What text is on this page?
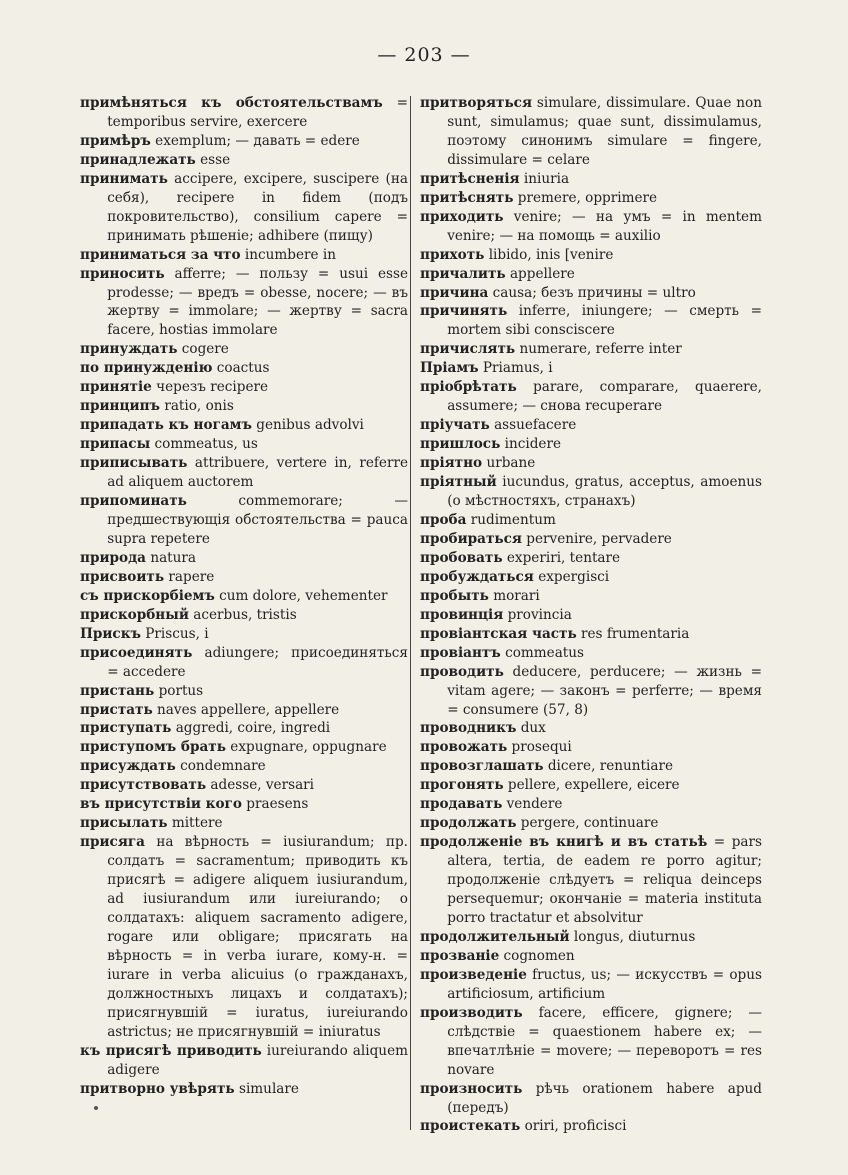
— 203 —

примѣняться къ обстоятельствамъ = temporibus servire, exercere

примѣръ exemplum; — давать = edere

принадлежать esse

принимать accipere, excipere, suscipere (на себя), recipere in fidem (подъ покровительство), consilium capere = принимать рѣшеніе; adhibere (пищу)

приниматься за что incumbere in

приносить afferre; — пользу = usui esse prodesse; — вредъ = obesse, nocere; — въ жертву = immolare; — жертву = sacra facere, hostias immolare

принуждать cogere

по принужденію coactus

принятіе черезъ recipere

принципъ ratio, onis

припадать къ ногамъ genibus advolvi

припасы commeatus, us

приписывать attribuere, vertere in, referre ad aliquem auctorem

припоминать	commemorare; — предшествующія обстоятельства = pauca supra repetere

природа natura

присвоить rapere

съ прискорбіемъ cum dolore, vehementer

прискорбный acerbus, tristis

Прискъ Priscus, i

присоединять adiungere; присоединяться = accedere

пристань portus

пристать naves appellere, appellere

приступать aggredi, coire, ingredi

приступомъ брать expugnare, oppugnare

присуждать condemnare

присутствовать adesse, versari

въ присутствіи кого praesens

присылать mittere

присяга на вѣрность = iusiurandum; пр. солдатъ = sacramentum; приводить къ присягѣ = adigere aliquem iusiurandum, ad iusiurandum или iureiurando; о солдатахъ: aliquem sacramento adigere, rogare или obligare; присягать на вѣрность = in verba iurare, кому-н. = iurare in verba alicuius (о гражданахъ, должностныхъ лицахъ и солдатахъ); присягнувшій = iuratus, iureiurando astrictus; не присягнувшій = iniuratus

къ присягѣ приводить iureiurando aliquem adigere

притворно увѣрять simulare

притворяться simulare, dissimulare. Quae non sunt, simulamus; quae sunt, dissimulamus, поэтому синонимъ simulare = fingere, dissimulare = celare

притѣсненія iniuria

притѣснять premere, opprimere

приходить venire; — на умъ = in mentem venire; — на помощь = auxilio

прихоть libido, inis [venire

причалить appellere

причина causa; безъ причины = ultro

причинять inferre, iniungere; — смерть = mortem sibi consciscere

причислять numerare, referre inter

Пріамъ Priamus, i

пріобрѣтать parare, comparare, quaerere, assumere; — снова recuperare

пріучать assuefacere

пришлось incidere

пріятно urbane

пріятный iucundus, gratus, acceptus, amoenus (о мѣстностяхъ, странахъ)

проба rudimentum

пробираться pervenire, pervadere

пробовать experiri, tentare

пробуждаться expergisci

пробыть morari

провинція provincia

провіантская часть res frumentaria

провіантъ commeatus

проводить deducere, perducere; — жизнь = vitam agere; — законъ = perferre; — время = consumere (57, 8)

проводникъ dux

провожать prosequi

провозглашать dicere, renuntiare

прогонять pellere, expellere, eicere

продавать vendere

продолжать pergere, continuare

продолженіе въ книгѣ и въ статьѣ = pars altera, tertia, de eadem re porro agitur; продолженіе слѣдуетъ = reliqua deinceps persequemur; окончаніе = materia instituta porro tractatur et absolvitur

продолжительный longus, diuturnus

прозваніе cognomen

произведеніе fructus, us; — искусствъ = opus artificiosum, artificium

производить facere, efficere, gignere; — слѣдствіе = quaestionem habere ex; — впечатлѣніе = movere; — переворотъ = res novare

произносить рѣчь orationem habere apud (передъ)

проистекать oriri, proficisci
